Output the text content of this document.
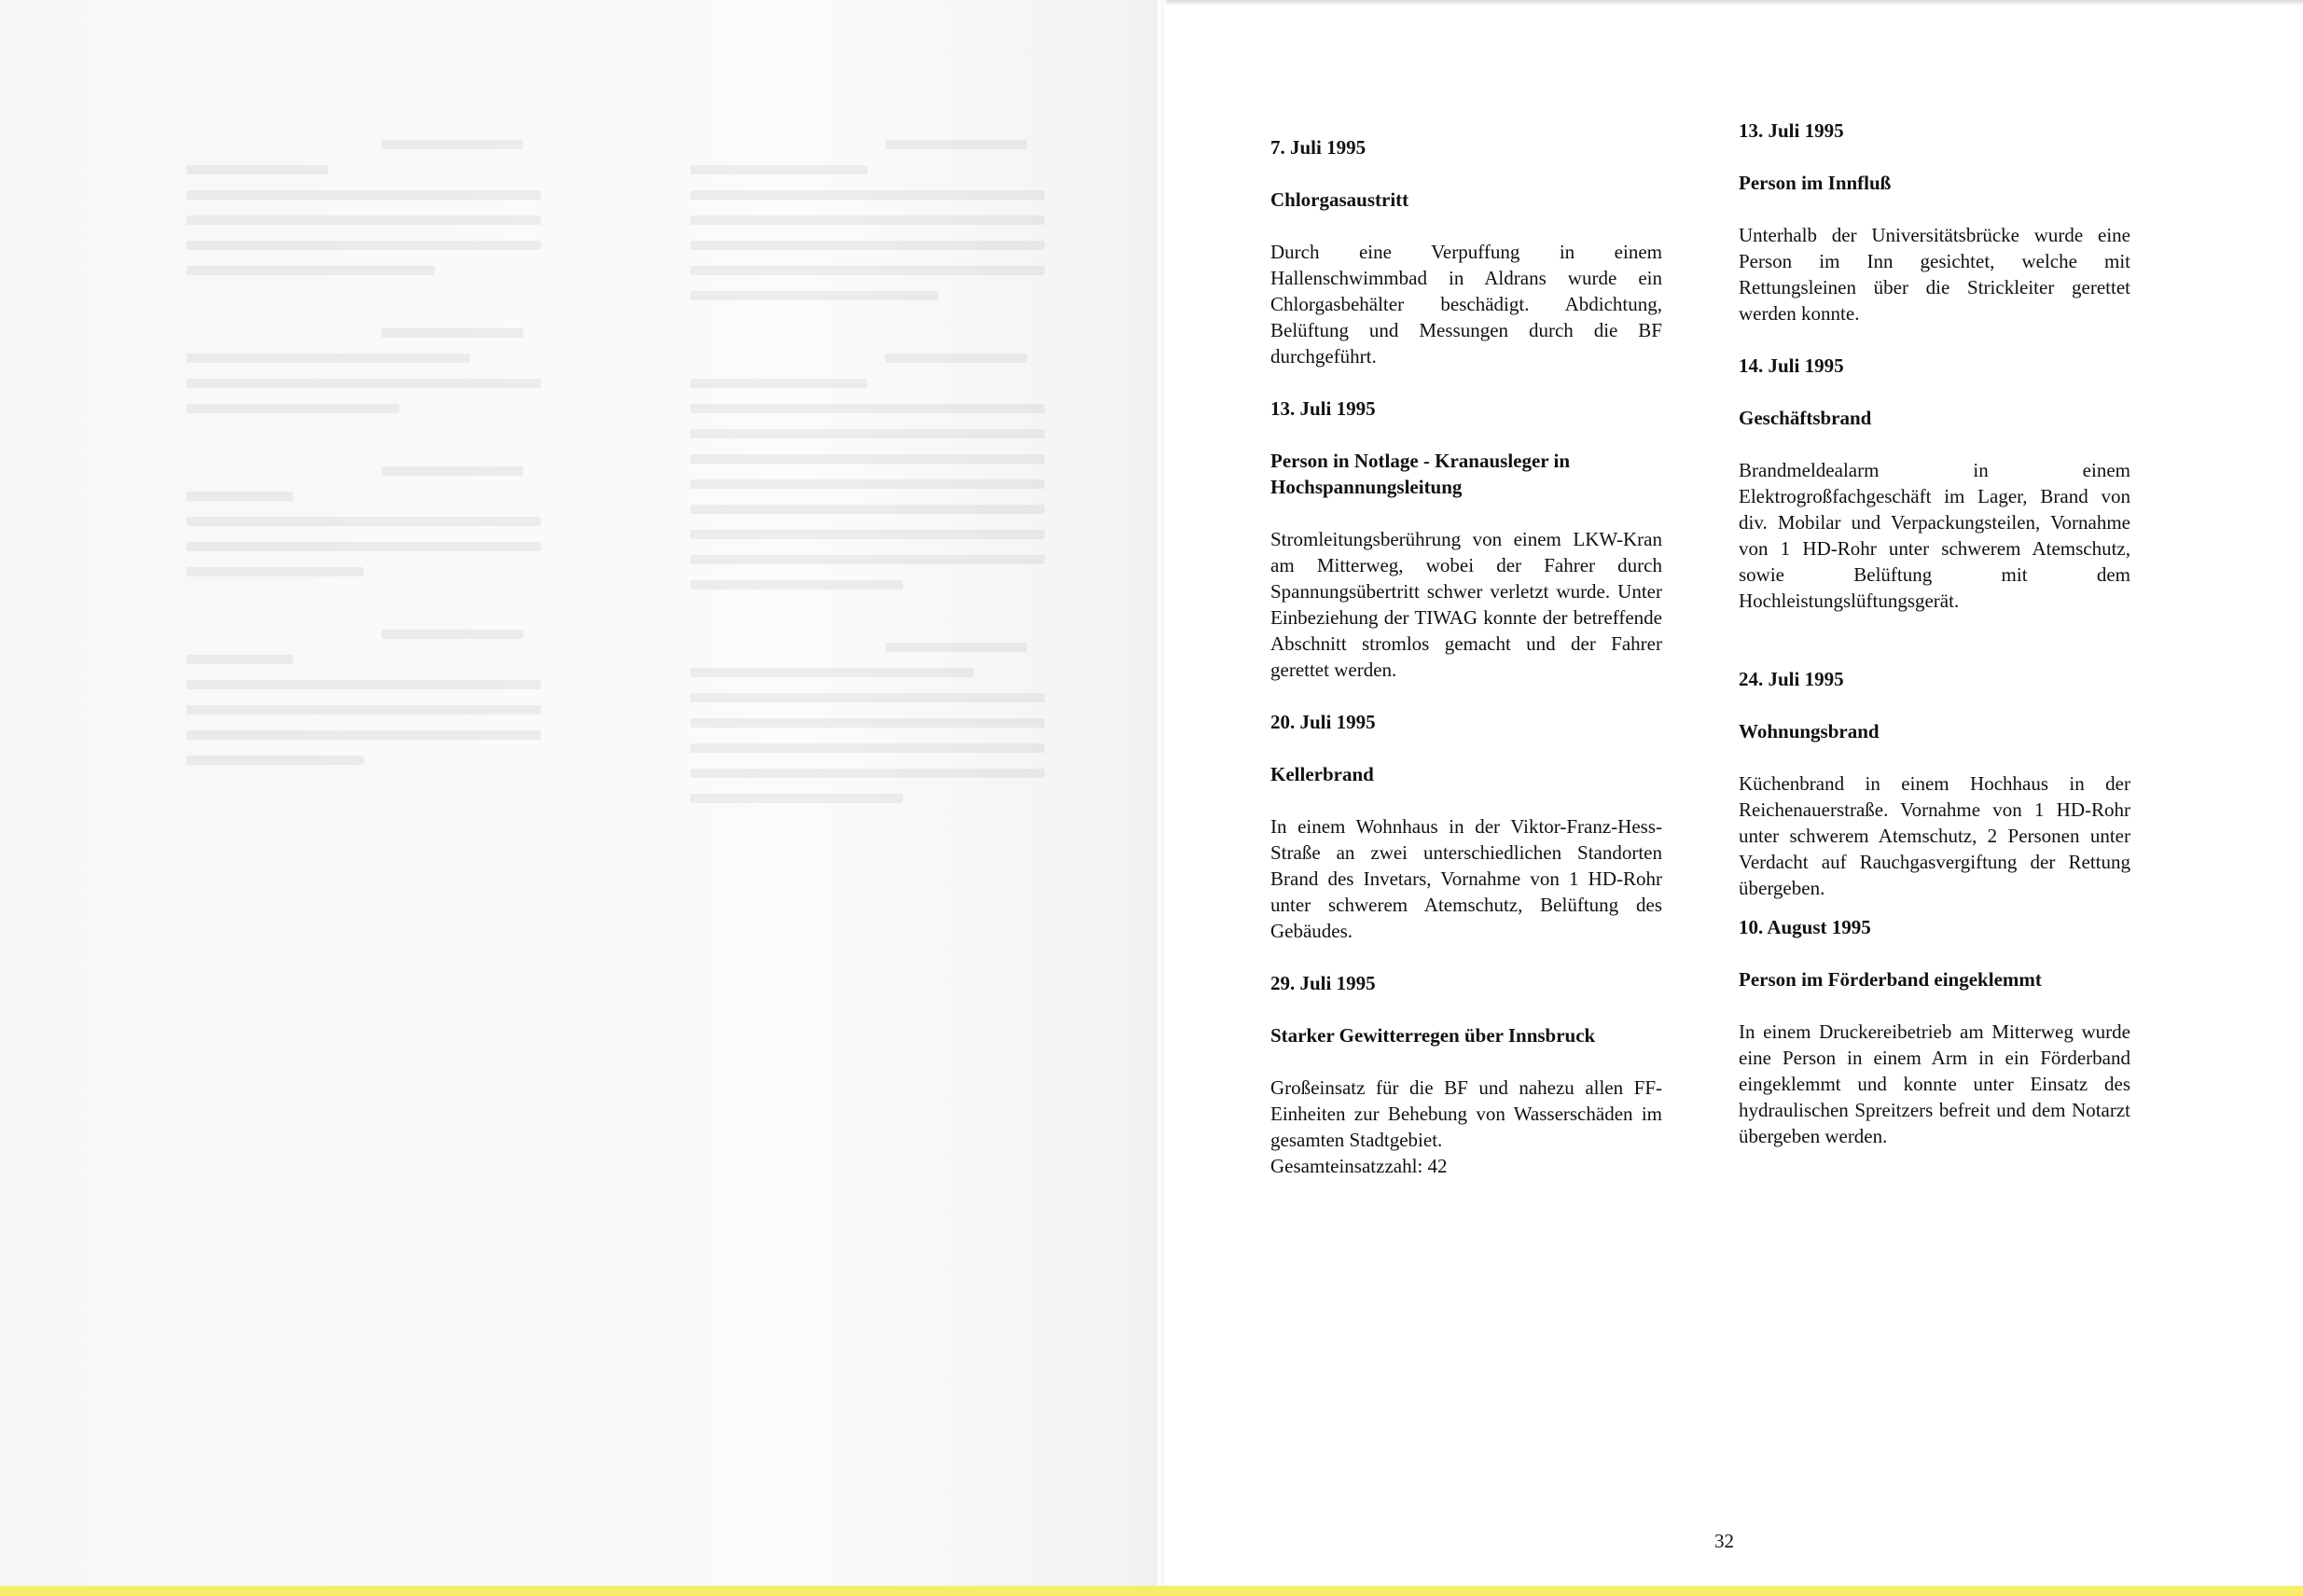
7. Juli 1995
Chlorgasaustritt
Durch eine Verpuffung in einem Hallenschwimmbad in Aldrans wurde ein Chlorgasbehälter beschädigt. Abdichtung, Belüftung und Messungen durch die BF durchgeführt.
13. Juli 1995
Person in Notlage - Kranausleger in Hochspannungsleitung
Stromleitungsberührung von einem LKW-Kran am Mitterweg, wobei der Fahrer durch Spannungsübertritt schwer verletzt wurde. Unter Einbeziehung der TIWAG konnte der betreffende Abschnitt stromlos gemacht und der Fahrer gerettet werden.
20. Juli 1995
Kellerbrand
In einem Wohnhaus in der Viktor-Franz-Hess-Straße an zwei unterschiedlichen Standorten Brand des Invetars, Vornahme von 1 HD-Rohr unter schwerem Atemschutz, Belüftung des Gebäudes.
29. Juli 1995
Starker Gewitterregen über Innsbruck
Großeinsatz für die BF und nahezu allen FF-Einheiten zur Behebung von Wasserschäden im gesamten Stadtgebiet.
Gesamteinsatzzahl: 42
13. Juli 1995
Person im Innfluß
Unterhalb der Universitätsbrücke wurde eine Person im Inn gesichtet, welche mit Rettungsleinen über die Strickleiter gerettet werden konnte.
14. Juli 1995
Geschäftsbrand
Brandmeldealarm in einem Elektrogroßfachgeschäft im Lager, Brand von div. Mobilar und Verpackungsteilen, Vornahme von 1 HD-Rohr unter schwerem Atemschutz, sowie Belüftung mit dem Hochleistungslüftungsgerät.
24. Juli 1995
Wohnungsbrand
Küchenbrand in einem Hochhaus in der Reichenauerstraße. Vornahme von 1 HD-Rohr unter schwerem Atemschutz, 2 Personen unter Verdacht auf Rauchgasvergiftung der Rettung übergeben.
10. August 1995
Person im Förderband eingeklemmt
In einem Druckereibetrieb am Mitterweg wurde eine Person in einem Arm in ein Förderband eingeklemmt und konnte unter Einsatz des hydraulischen Spreitzers befreit und dem Notarzt übergeben werden.
32
